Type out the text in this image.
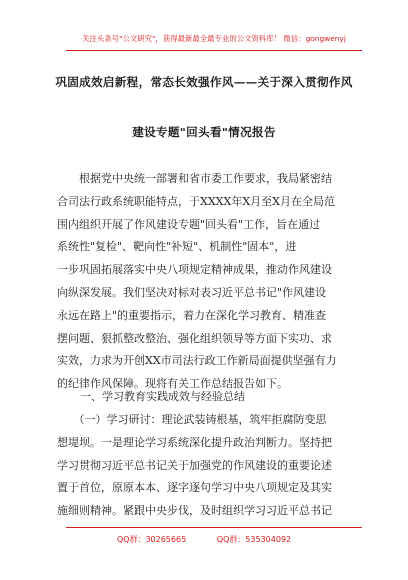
关注头条号"公文研究"，获得最新最全最专业的公文资料库！ 微信：gongwenyj
巩固成效启新程，常态长效强作风——关于深入贯彻作风
建设专题"回头看"情况报告
　　根据党中央统一部署和省市委工作要求，我局紧密结
合司法行政系统职能特点，于XXXX年X月至X月在全局范
围内组织开展了作风建设专题"回头看"工作，旨在通过
系统性"复检"、靶向性"补短"、机制性"固本"，进
一步巩固拓展落实中央八项规定精神成果，推动作风建设
向纵深发展。我们坚决对标对表习近平总书记"作风建设
永远在路上"的重要指示，着力在深化学习教育、精准查
摆问题、狠抓整改整治、强化组织领导等方面下实功、求
实效，力求为开创XX市司法行政工作新局面提供坚强有力
的纪律作风保障。现将有关工作总结报告如下。
一、学习教育实践成效与经验总结
　　（一）学习研讨：理论武装铸根基，筑牢拒腐防变思
想堤坝。一是理论学习系统深化提升政治判断力。坚持把
学习贯彻习近平总书记关于加强党的作风建设的重要论述
置于首位，原原本本、逐字逐句学习中央八项规定及其实
施细则精神。紧跟中央步伐，及时组织学习习近平总书记
QQ群：30265665	QQ群：535304092
